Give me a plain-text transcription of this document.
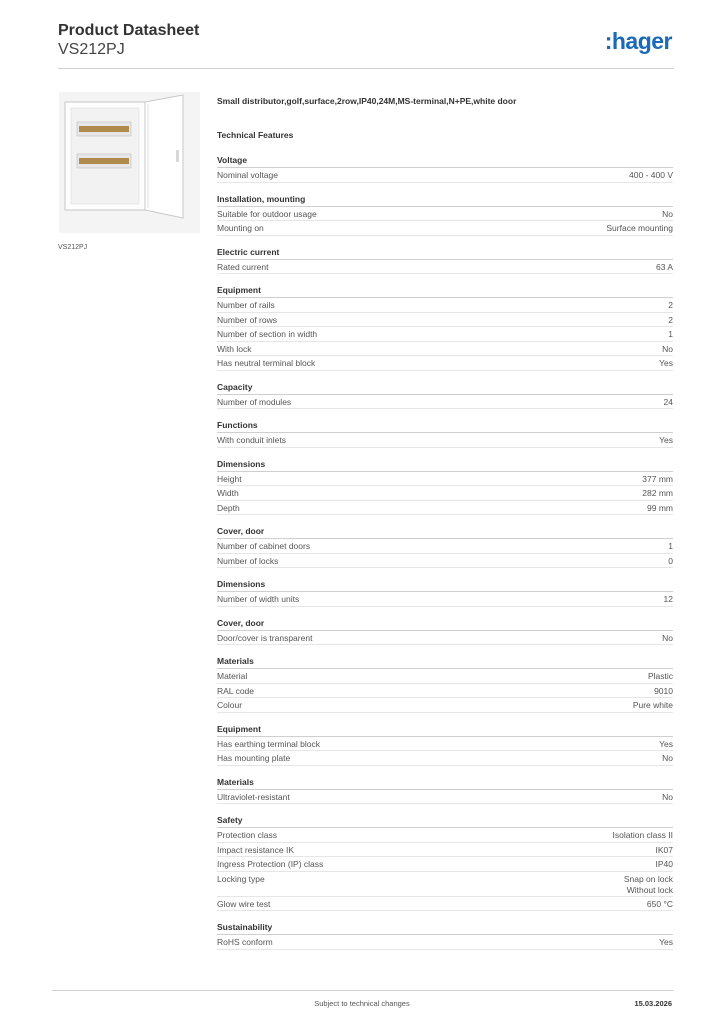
Product Datasheet
VS212PJ	:hager
VS212PJ
Small distributor,golf,surface,2row,IP40,24M,MS-terminal,N+PE,white door
Technical Features
Voltage
Nominal voltage	400 - 400 V
Installation, mounting
Suitable for outdoor usage	No
Mounting on	Surface mounting
Electric current
Rated current	63 A
Equipment
Number of rails	2
Number of rows	2
Number of section in width	1
With lock	No
Has neutral terminal block	Yes
Capacity
Number of modules	24
Functions
With conduit inlets	Yes
Dimensions
Height	377 mm
Width	282 mm
Depth	99 mm
Cover, door
Number of cabinet doors	1
Number of locks	0
Dimensions
Number of width units	12
Cover, door
Door/cover is transparent	No
Materials
Material	Plastic
RAL code	9010
Colour	Pure white
Equipment
Has earthing terminal block	Yes
Has mounting plate	No
Materials
Ultraviolet-resistant	No
Safety
Protection class	Isolation class II
Impact resistance IK	IK07
Ingress Protection (IP) class	IP40
Locking type	Snap on lock
Without lock
Glow wire test	650 °C
Sustainability
RoHS conform	Yes
Subject to technical changes	15.03.2026
